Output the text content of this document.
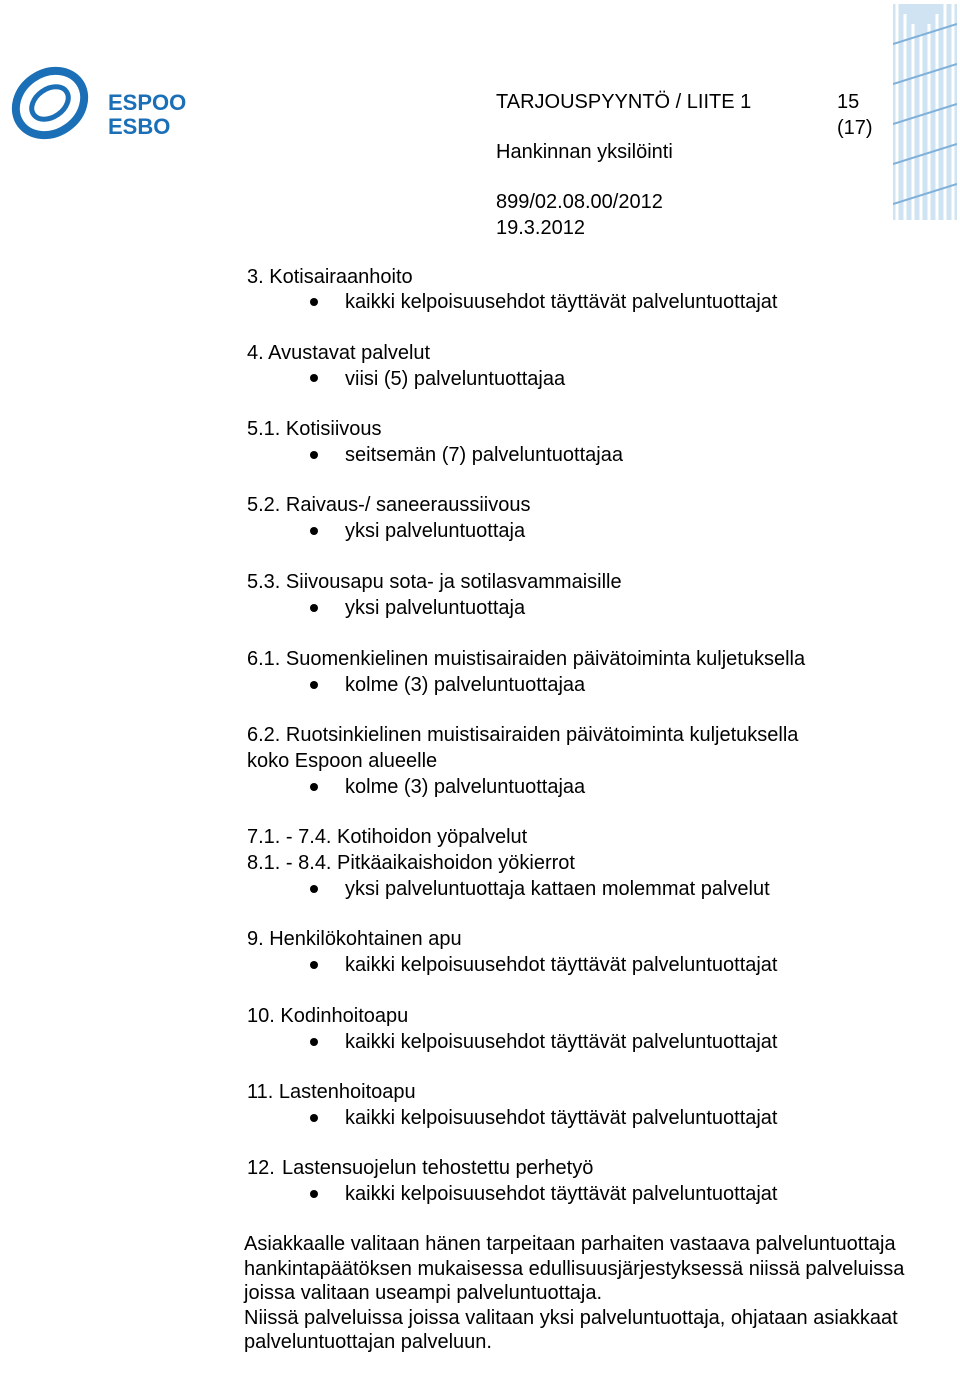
ESPOO
ESBO
TARJOUSPYYNTÖ / LIITE 1	15
(17)
Hankinnan yksilöinti
899/02.08.00/2012
19.3.2012
3. Kotisairaanhoito
kaikki kelpoisuusehdot täyttävät palveluntuottajat
4. Avustavat palvelut
viisi (5) palveluntuottajaa
5.1. Kotisiivous
seitsemän (7) palveluntuottajaa
5.2. Raivaus-/ saneeraussiivous
yksi palveluntuottaja
5.3. Siivousapu sota- ja sotilasvammaisille
yksi palveluntuottaja
6.1. Suomenkielinen muistisairaiden päivätoiminta kuljetuksella
kolme (3) palveluntuottajaa
6.2. Ruotsinkielinen muistisairaiden päivätoiminta kuljetuksella
koko Espoon alueelle
kolme (3) palveluntuottajaa
7.1. - 7.4. Kotihoidon yöpalvelut
8.1. - 8.4. Pitkäaikaishoidon yökierrot
yksi palveluntuottaja kattaen molemmat palvelut
9. Henkilökohtainen apu
kaikki kelpoisuusehdot täyttävät palveluntuottajat
10. Kodinhoitoapu
kaikki kelpoisuusehdot täyttävät palveluntuottajat
11. Lastenhoitoapu
kaikki kelpoisuusehdot täyttävät palveluntuottajat
12. Lastensuojelun tehostettu perhetyö
kaikki kelpoisuusehdot täyttävät palveluntuottajat

Asiakkaalle valitaan hänen tarpeitaan parhaiten vastaava palveluntuottaja hankintapäätöksen mukaisessa edullisuusjärjestyksessä niissä palveluissa joissa valitaan useampi palveluntuottaja.

Niissä palveluissa joissa valitaan yksi palveluntuottaja, ohjataan asiakkaat palveluntuottajan palveluun.
